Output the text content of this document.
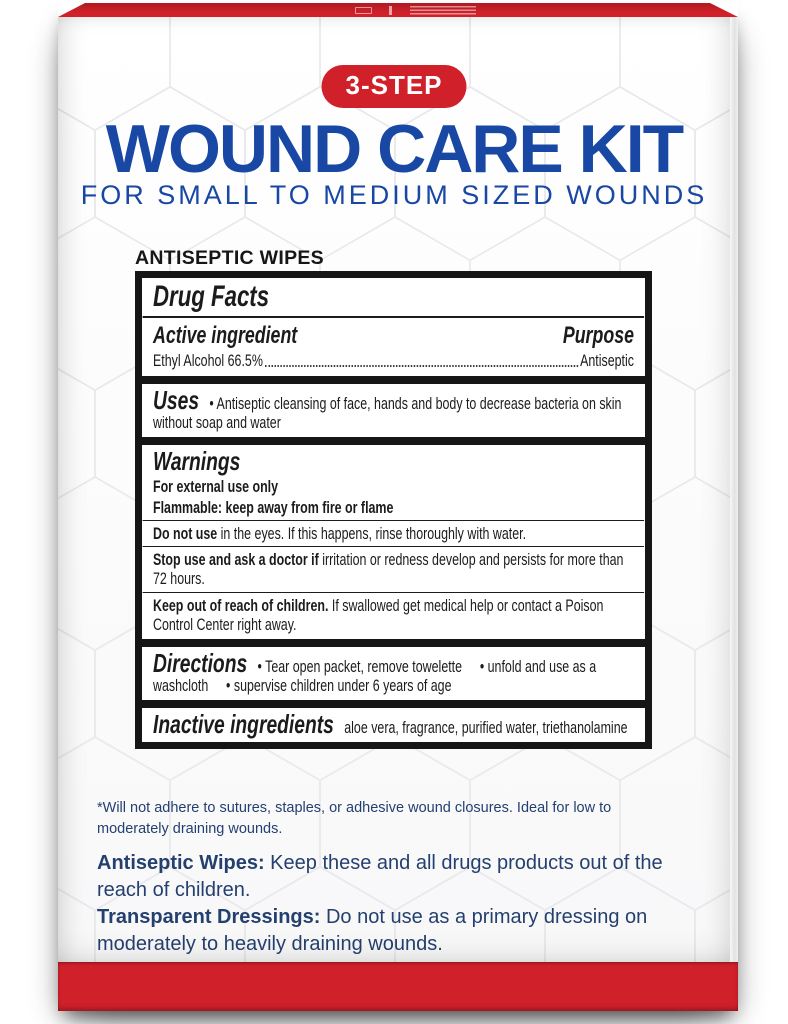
3-STEP
WOUND CARE KIT
FOR SMALL TO MEDIUM SIZED WOUNDS
ANTISEPTIC WIPES
Drug Facts
Active ingredient	Purpose
Ethyl Alcohol 66.5%	Antiseptic
Uses • Antiseptic cleansing of face, hands and body to decrease bacteria on skin without soap and water
Warnings

For external use only

Flammable: keep away from fire or flame

Do not use in the eyes. If this happens, rinse thoroughly with water.

Stop use and ask a doctor if irritation or redness develop and persists for more than 72 hours.

Keep out of reach of children. If swallowed get medical help or contact a Poison Control Center right away.

Directions • Tear open packet, remove towelette • unfold and use as a washcloth • supervise children under 6 years of age
Inactive ingredients aloe vera, fragrance, purified water, triethanolamine

*Will not adhere to sutures, staples, or adhesive wound closures. Ideal for low to moderately draining wounds.

Antiseptic Wipes: Keep these and all drugs products out of the reach of children.

Transparent Dressings: Do not use as a primary dressing on moderately to heavily draining wounds.
